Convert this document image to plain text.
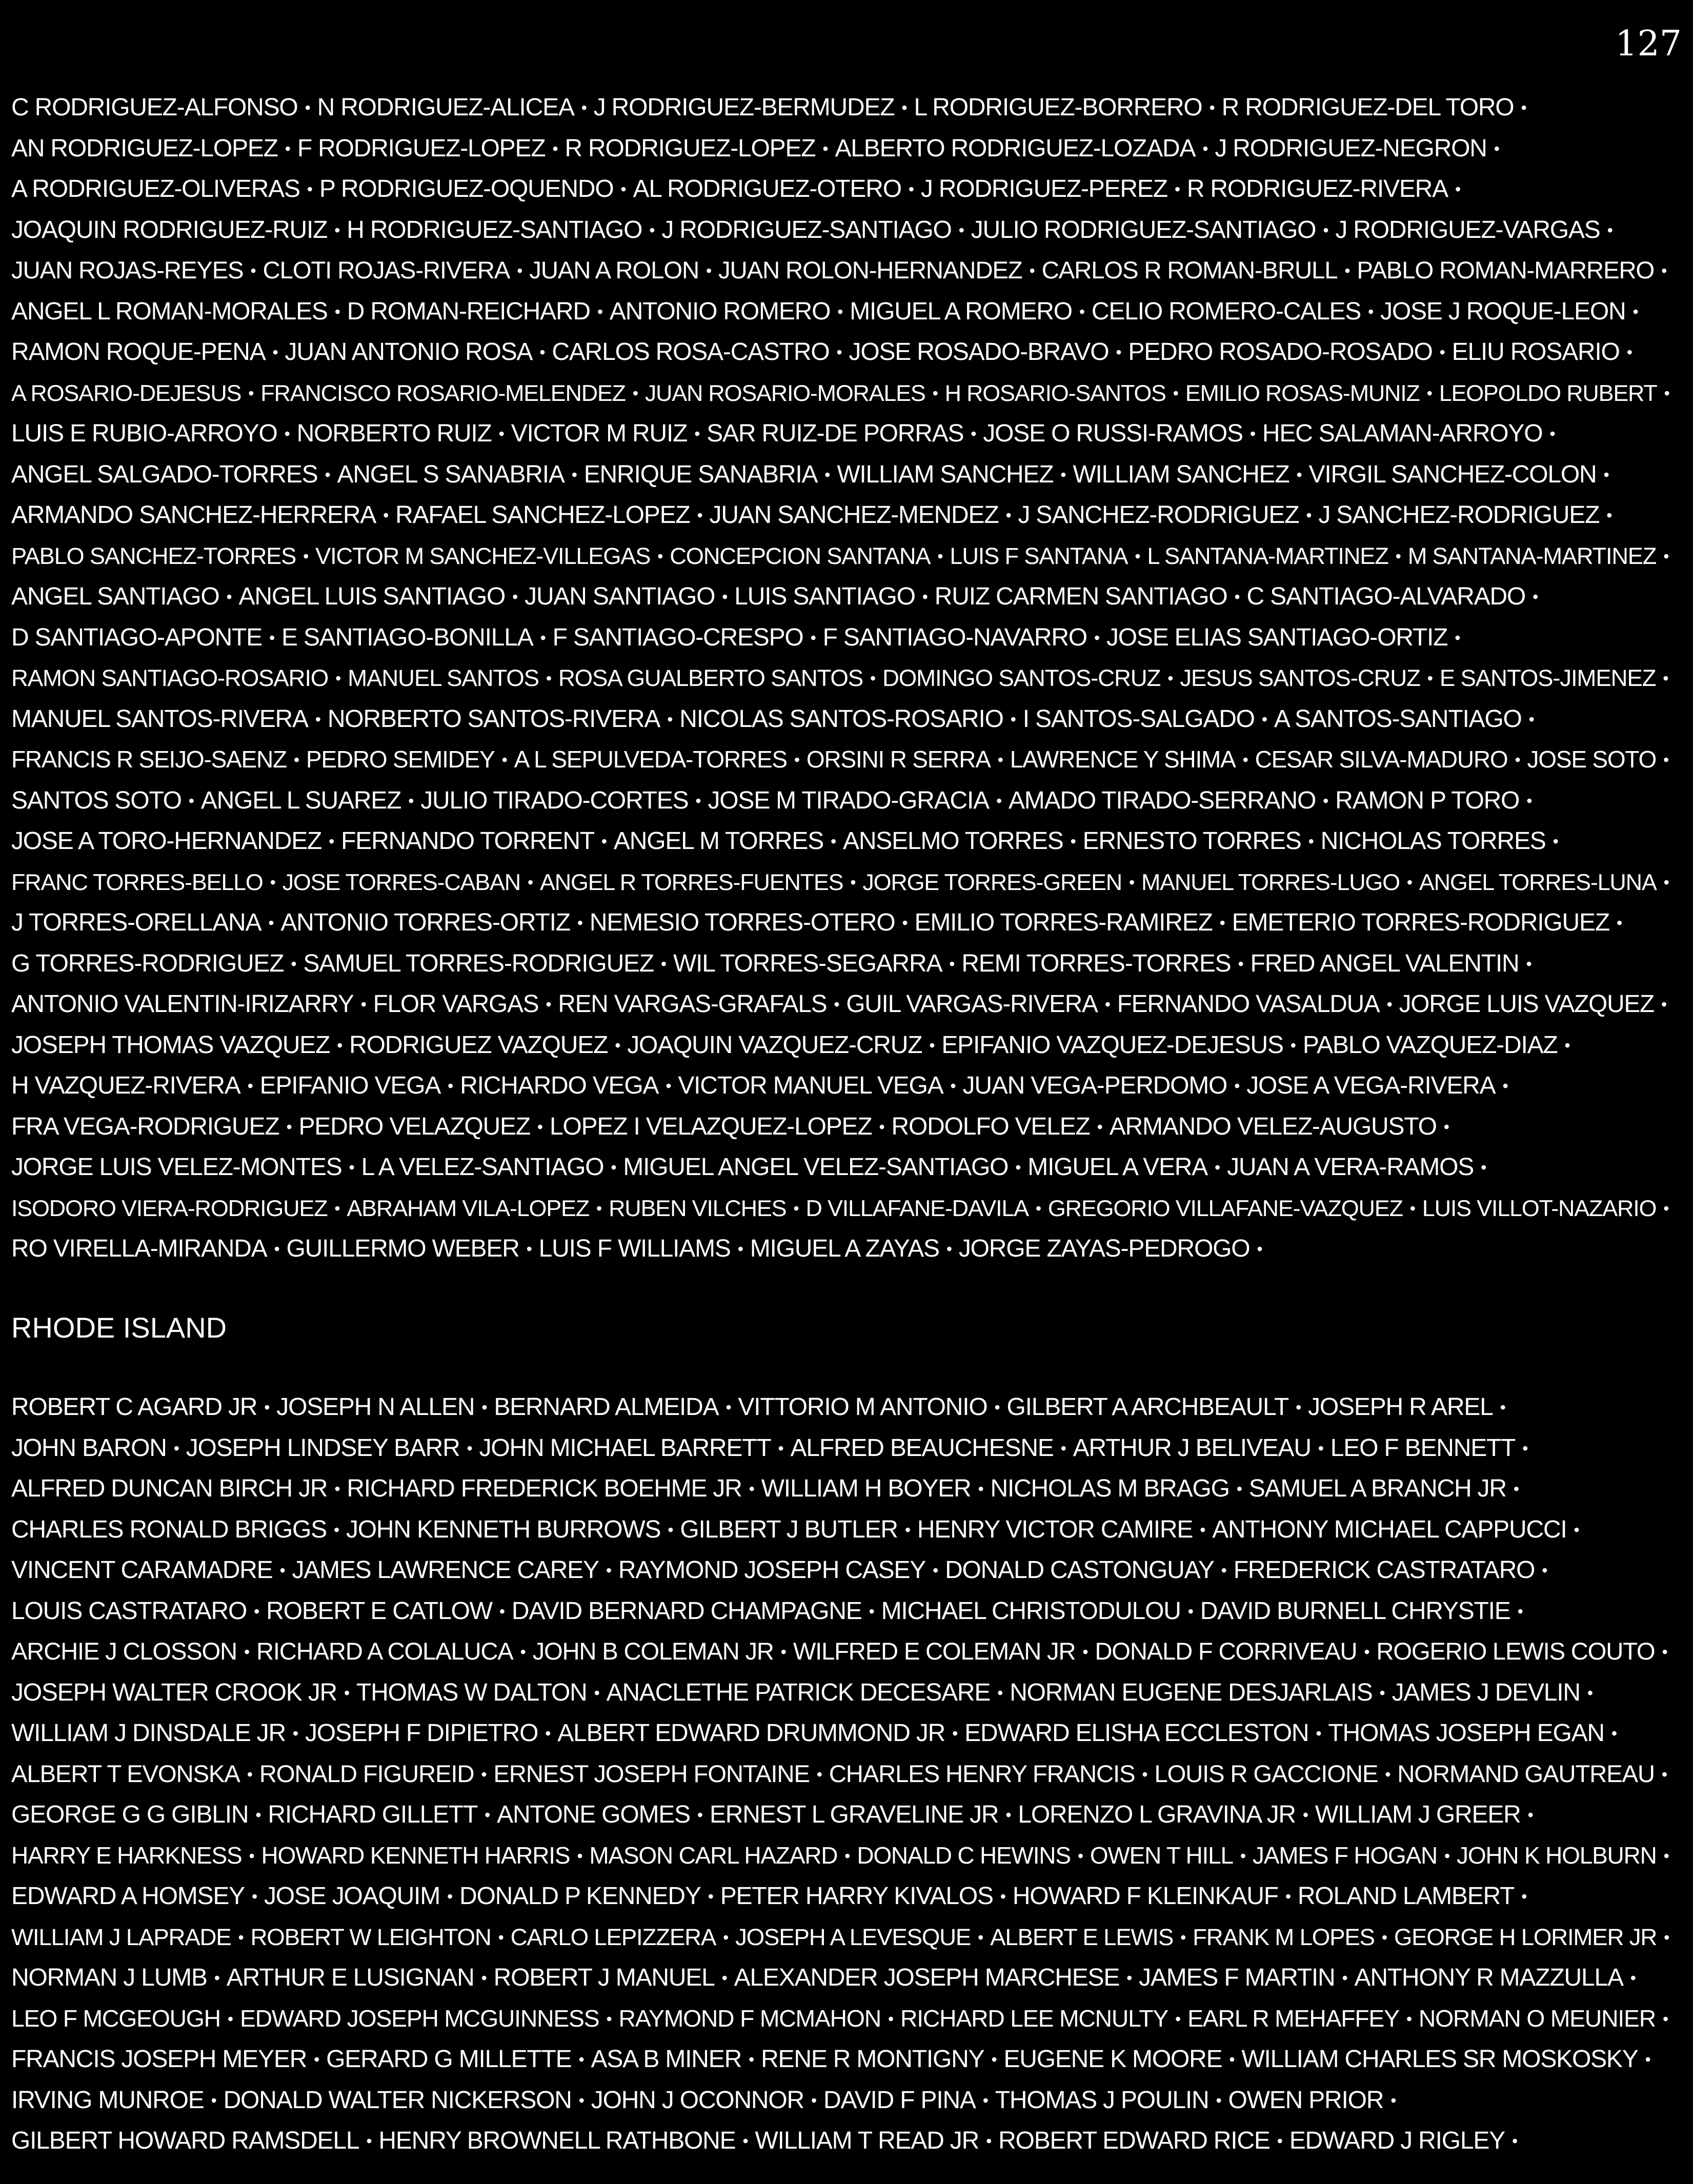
127
C RODRIGUEZ-ALFONSO • N RODRIGUEZ-ALICEA • J RODRIGUEZ-BERMUDEZ • L RODRIGUEZ-BORRERO • R RODRIGUEZ-DEL TORO •
AN RODRIGUEZ-LOPEZ • F RODRIGUEZ-LOPEZ • R RODRIGUEZ-LOPEZ • ALBERTO RODRIGUEZ-LOZADA • J RODRIGUEZ-NEGRON •
A RODRIGUEZ-OLIVERAS • P RODRIGUEZ-OQUENDO • AL RODRIGUEZ-OTERO • J RODRIGUEZ-PEREZ • R RODRIGUEZ-RIVERA •
JOAQUIN RODRIGUEZ-RUIZ • H RODRIGUEZ-SANTIAGO • J RODRIGUEZ-SANTIAGO • JULIO RODRIGUEZ-SANTIAGO • J RODRIGUEZ-VARGAS •
JUAN ROJAS-REYES • CLOTI ROJAS-RIVERA • JUAN A ROLON • JUAN ROLON-HERNANDEZ • CARLOS R ROMAN-BRULL • PABLO ROMAN-MARRERO •
ANGEL L ROMAN-MORALES • D ROMAN-REICHARD • ANTONIO ROMERO • MIGUEL A ROMERO • CELIO ROMERO-CALES • JOSE J ROQUE-LEON •
RAMON ROQUE-PENA • JUAN ANTONIO ROSA • CARLOS ROSA-CASTRO • JOSE ROSADO-BRAVO • PEDRO ROSADO-ROSADO • ELIU ROSARIO •
A ROSARIO-DEJESUS • FRANCISCO ROSARIO-MELENDEZ • JUAN ROSARIO-MORALES • H ROSARIO-SANTOS • EMILIO ROSAS-MUNIZ • LEOPOLDO RUBERT •
LUIS E RUBIO-ARROYO • NORBERTO RUIZ • VICTOR M RUIZ • SAR RUIZ-DE PORRAS • JOSE O RUSSI-RAMOS • HEC SALAMAN-ARROYO •
ANGEL SALGADO-TORRES • ANGEL S SANABRIA • ENRIQUE SANABRIA • WILLIAM SANCHEZ • WILLIAM SANCHEZ • VIRGIL SANCHEZ-COLON •
ARMANDO SANCHEZ-HERRERA • RAFAEL SANCHEZ-LOPEZ • JUAN SANCHEZ-MENDEZ • J SANCHEZ-RODRIGUEZ • J SANCHEZ-RODRIGUEZ •
PABLO SANCHEZ-TORRES • VICTOR M SANCHEZ-VILLEGAS • CONCEPCION SANTANA • LUIS F SANTANA • L SANTANA-MARTINEZ • M SANTANA-MARTINEZ •
ANGEL SANTIAGO • ANGEL LUIS SANTIAGO • JUAN SANTIAGO • LUIS SANTIAGO • RUIZ CARMEN SANTIAGO • C SANTIAGO-ALVARADO •
D SANTIAGO-APONTE • E SANTIAGO-BONILLA • F SANTIAGO-CRESPO • F SANTIAGO-NAVARRO • JOSE ELIAS SANTIAGO-ORTIZ •
RAMON SANTIAGO-ROSARIO • MANUEL SANTOS • ROSA GUALBERTO SANTOS • DOMINGO SANTOS-CRUZ • JESUS SANTOS-CRUZ • E SANTOS-JIMENEZ •
MANUEL SANTOS-RIVERA • NORBERTO SANTOS-RIVERA • NICOLAS SANTOS-ROSARIO • I SANTOS-SALGADO • A SANTOS-SANTIAGO •
FRANCIS R SEIJO-SAENZ • PEDRO SEMIDEY • A L SEPULVEDA-TORRES • ORSINI R SERRA • LAWRENCE Y SHIMA • CESAR SILVA-MADURO • JOSE SOTO •
SANTOS SOTO • ANGEL L SUAREZ • JULIO TIRADO-CORTES • JOSE M TIRADO-GRACIA • AMADO TIRADO-SERRANO • RAMON P TORO •
JOSE A TORO-HERNANDEZ • FERNANDO TORRENT • ANGEL M TORRES • ANSELMO TORRES • ERNESTO TORRES • NICHOLAS TORRES •
FRANC TORRES-BELLO • JOSE TORRES-CABAN • ANGEL R TORRES-FUENTES • JORGE TORRES-GREEN • MANUEL TORRES-LUGO • ANGEL TORRES-LUNA •
J TORRES-ORELLANA • ANTONIO TORRES-ORTIZ • NEMESIO TORRES-OTERO • EMILIO TORRES-RAMIREZ • EMETERIO TORRES-RODRIGUEZ •
G TORRES-RODRIGUEZ • SAMUEL TORRES-RODRIGUEZ • WIL TORRES-SEGARRA • REMI TORRES-TORRES • FRED ANGEL VALENTIN •
ANTONIO VALENTIN-IRIZARRY • FLOR VARGAS • REN VARGAS-GRAFALS • GUIL VARGAS-RIVERA • FERNANDO VASALDUA • JORGE LUIS VAZQUEZ •
JOSEPH THOMAS VAZQUEZ • RODRIGUEZ VAZQUEZ • JOAQUIN VAZQUEZ-CRUZ • EPIFANIO VAZQUEZ-DEJESUS • PABLO VAZQUEZ-DIAZ •
H VAZQUEZ-RIVERA • EPIFANIO VEGA • RICHARDO VEGA • VICTOR MANUEL VEGA • JUAN VEGA-PERDOMO • JOSE A VEGA-RIVERA •
FRA VEGA-RODRIGUEZ • PEDRO VELAZQUEZ • LOPEZ I VELAZQUEZ-LOPEZ • RODOLFO VELEZ • ARMANDO VELEZ-AUGUSTO •
JORGE LUIS VELEZ-MONTES • L A VELEZ-SANTIAGO • MIGUEL ANGEL VELEZ-SANTIAGO • MIGUEL A VERA • JUAN A VERA-RAMOS •
ISODORO VIERA-RODRIGUEZ • ABRAHAM VILA-LOPEZ • RUBEN VILCHES • D VILLAFANE-DAVILA • GREGORIO VILLAFANE-VAZQUEZ • LUIS VILLOT-NAZARIO •
RO VIRELLA-MIRANDA • GUILLERMO WEBER • LUIS F WILLIAMS • MIGUEL A ZAYAS • JORGE ZAYAS-PEDROGO •
RHODE ISLAND
ROBERT C AGARD JR • JOSEPH N ALLEN • BERNARD ALMEIDA • VITTORIO M ANTONIO • GILBERT A ARCHBEAULT • JOSEPH R AREL •
JOHN BARON • JOSEPH LINDSEY BARR • JOHN MICHAEL BARRETT • ALFRED BEAUCHESNE • ARTHUR J BELIVEAU • LEO F BENNETT •
ALFRED DUNCAN BIRCH JR • RICHARD FREDERICK BOEHME JR • WILLIAM H BOYER • NICHOLAS M BRAGG • SAMUEL A BRANCH JR •
CHARLES RONALD BRIGGS • JOHN KENNETH BURROWS • GILBERT J BUTLER • HENRY VICTOR CAMIRE • ANTHONY MICHAEL CAPPUCCI •
VINCENT CARAMADRE • JAMES LAWRENCE CAREY • RAYMOND JOSEPH CASEY • DONALD CASTONGUAY • FREDERICK CASTRATARO •
LOUIS CASTRATARO • ROBERT E CATLOW • DAVID BERNARD CHAMPAGNE • MICHAEL CHRISTODULOU • DAVID BURNELL CHRYSTIE •
ARCHIE J CLOSSON • RICHARD A COLALUCA • JOHN B COLEMAN JR • WILFRED E COLEMAN JR • DONALD F CORRIVEAU • ROGERIO LEWIS COUTO •
JOSEPH WALTER CROOK JR • THOMAS W DALTON • ANACLETHE PATRICK DECESARE • NORMAN EUGENE DESJARLAIS • JAMES J DEVLIN •
WILLIAM J DINSDALE JR • JOSEPH F DIPIETRO • ALBERT EDWARD DRUMMOND JR • EDWARD ELISHA ECCLESTON • THOMAS JOSEPH EGAN •
ALBERT T EVONSKA • RONALD FIGUREID • ERNEST JOSEPH FONTAINE • CHARLES HENRY FRANCIS • LOUIS R GACCIONE • NORMAND GAUTREAU •
GEORGE G G GIBLIN • RICHARD GILLETT • ANTONE GOMES • ERNEST L GRAVELINE JR • LORENZO L GRAVINA JR • WILLIAM J GREER •
HARRY E HARKNESS • HOWARD KENNETH HARRIS • MASON CARL HAZARD • DONALD C HEWINS • OWEN T HILL • JAMES F HOGAN • JOHN K HOLBURN •
EDWARD A HOMSEY • JOSE JOAQUIM • DONALD P KENNEDY • PETER HARRY KIVALOS • HOWARD F KLEINKAUF • ROLAND LAMBERT •
WILLIAM J LAPRADE • ROBERT W LEIGHTON • CARLO LEPIZZERA • JOSEPH A LEVESQUE • ALBERT E LEWIS • FRANK M LOPES • GEORGE H LORIMER JR •
NORMAN J LUMB • ARTHUR E LUSIGNAN • ROBERT J MANUEL • ALEXANDER JOSEPH MARCHESE • JAMES F MARTIN • ANTHONY R MAZZULLA •
LEO F MCGEOUGH • EDWARD JOSEPH MCGUINNESS • RAYMOND F MCMAHON • RICHARD LEE MCNULTY • EARL R MEHAFFEY • NORMAN O MEUNIER •
FRANCIS JOSEPH MEYER • GERARD G MILLETTE • ASA B MINER • RENE R MONTIGNY • EUGENE K MOORE • WILLIAM CHARLES SR MOSKOSKY •
IRVING MUNROE • DONALD WALTER NICKERSON • JOHN J OCONNOR • DAVID F PINA • THOMAS J POULIN • OWEN PRIOR •
GILBERT HOWARD RAMSDELL • HENRY BROWNELL RATHBONE • WILLIAM T READ JR • ROBERT EDWARD RICE • EDWARD J RIGLEY •
